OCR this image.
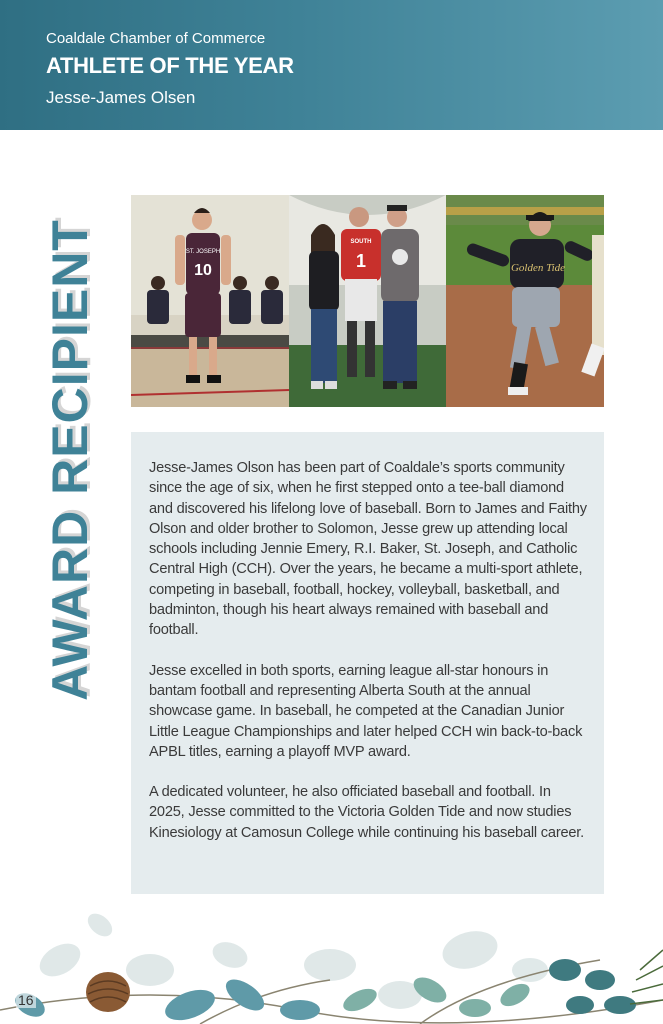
Coaldale Chamber of Commerce
ATHLETE OF THE YEAR
Jesse-James Olsen
AWARD RECIPIENT	ST. JOSEPH
10
SOUTH
1	Golden Tide

Jesse-James Olson has been part of Coaldale’s sports community since the age of six, when he first stepped onto a tee-ball diamond and discovered his lifelong love of baseball. Born to James and Faithy Olson and older brother to Solomon, Jesse grew up attending local schools including Jennie Emery, R.I. Baker, St. Joseph, and Catholic Central High (CCH). Over the years, he became a multi-sport athlete, competing in baseball, football, hockey, volleyball, basketball, and badminton, though his heart always remained with baseball and football.

Jesse excelled in both sports, earning league all-star honours in bantam football and representing Alberta South at the annual showcase game. In baseball, he competed at the Canadian Junior Little League Championships and later helped CCH win back-to-back APBL titles, earning a playoff MVP award.

A dedicated volunteer, he also officiated baseball and football. In 2025, Jesse committed to the Victoria Golden Tide and now studies Kinesiology at Camosun College while continuing his baseball career.

16
